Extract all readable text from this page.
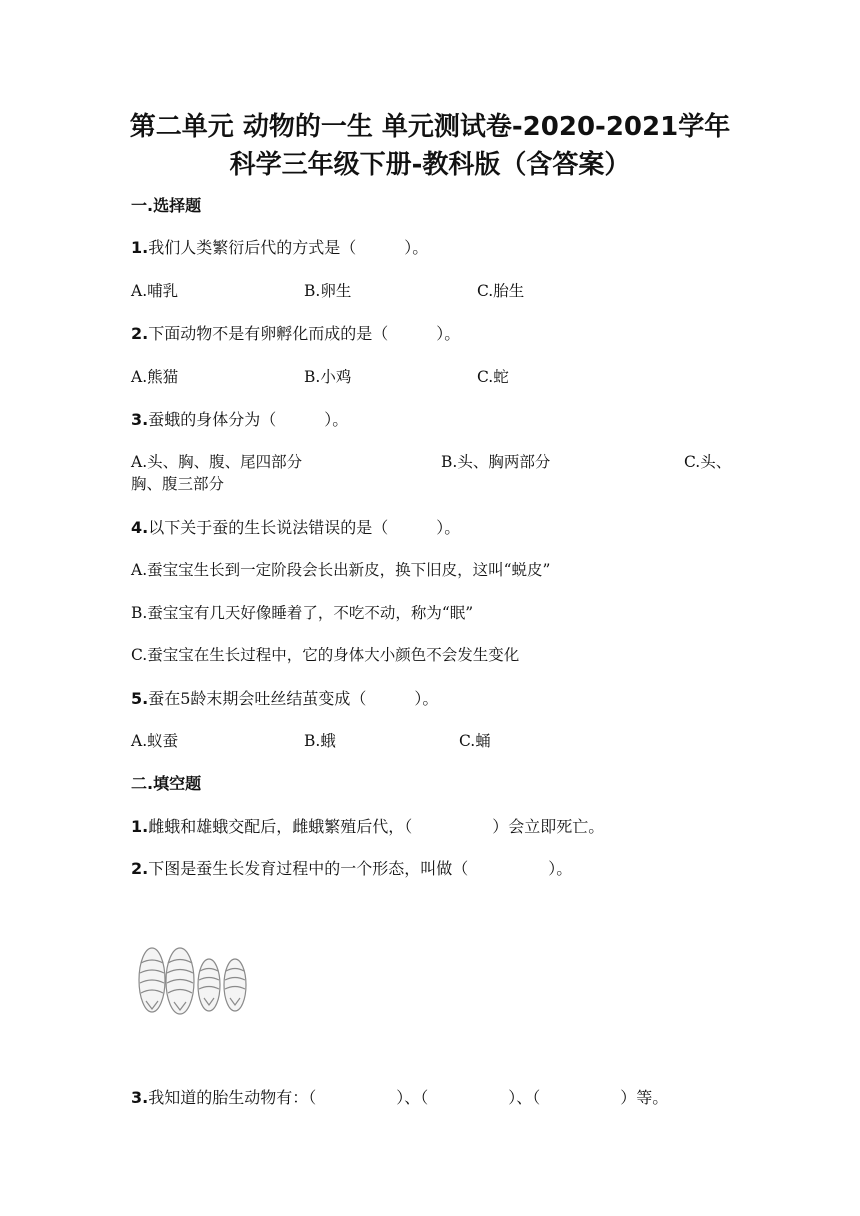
第二单元 动物的一生 单元测试卷-2020-2021学年
科学三年级下册-教科版（含答案）
一.选择题
1.我们人类繁衍后代的方式是（　　　）。
A.哺乳	B.卵生	C.胎生
2.下面动物不是有卵孵化而成的是（　　　）。
A.熊猫	B.小鸡	C.蛇
3.蚕蛾的身体分为（　　　）。
A.头、胸、腹、尾四部分	B.头、胸两部分	C.头、
胸、腹三部分
4.以下关于蚕的生长说法错误的是（　　　）。
A.蚕宝宝生长到一定阶段会长出新皮，换下旧皮，这叫“蜕皮”
B.蚕宝宝有几天好像睡着了，不吃不动，称为“眠”
C.蚕宝宝在生长过程中，它的身体大小颜色不会发生变化
5.蚕在5龄末期会吐丝结茧变成（　　　）。
A.蚁蚕	B.蛾	C.蛹
二.填空题
1.雌蛾和雄蛾交配后，雌蛾繁殖后代，（　　　　　）会立即死亡。
2.下图是蚕生长发育过程中的一个形态，叫做（　　　　　）。
3.我知道的胎生动物有：（　　　　　）、（　　　　　）、（　　　　　）等。
